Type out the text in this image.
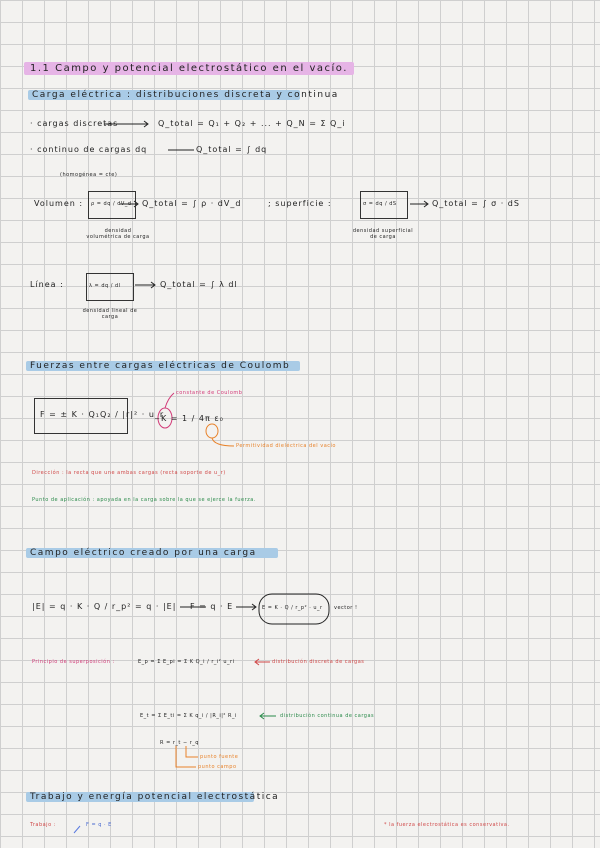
1.1 Campo y potencial electrostático en el vacío.
Carga eléctrica : distribuciones discreta y continua
· cargas discretas	Q_total = Q₁ + Q₂ + ... + Q_N = Σ Q_i
· continuo de cargas dq	Q_total = ∫ dq
(homogénea = cte)
Volumen : ρ = dq / dV_d Q_total = ∫ ρ · dV_d
densidad volumétrica de carga
; superficie :	σ = dq / dS	Q_total = ∫ σ · dS
densidad superficial de carga
Línea :	λ = dq / dl	Q_total = ∫ λ dl
densidad lineal de carga
Fuerzas entre cargas eléctricas de Coulomb
F = ± K · Q₁Q₂ / |r|² · u_r
K = 1 / 4π ε₀
constante de Coulomb
Permitividad dieléctrica del vacío
Dirección : la recta que une ambas cargas (recta soporte de u_r)
Punto de aplicación : apoyada en la carga sobre la que se ejerce la fuerza.
Campo eléctrico creado por una carga
|E| = q · K · Q / r_p² = q · |E| F = q · E	E = K · Q / r_p² · u_r vector !
Principio de superposición :	E_p = Σ E_pi = Σ K Q_i / r_i² u_ri	distribución discreta de cargas
E_t = Σ E_ti = Σ K q_i / |R_i|² R_i	distribución continua de cargas
R = r_t − r_q
punto fuente
punto campo
Trabajo y energía potencial electrostática
Trabajo :	F = q · E	* la fuerza electrostática es conservativa.
